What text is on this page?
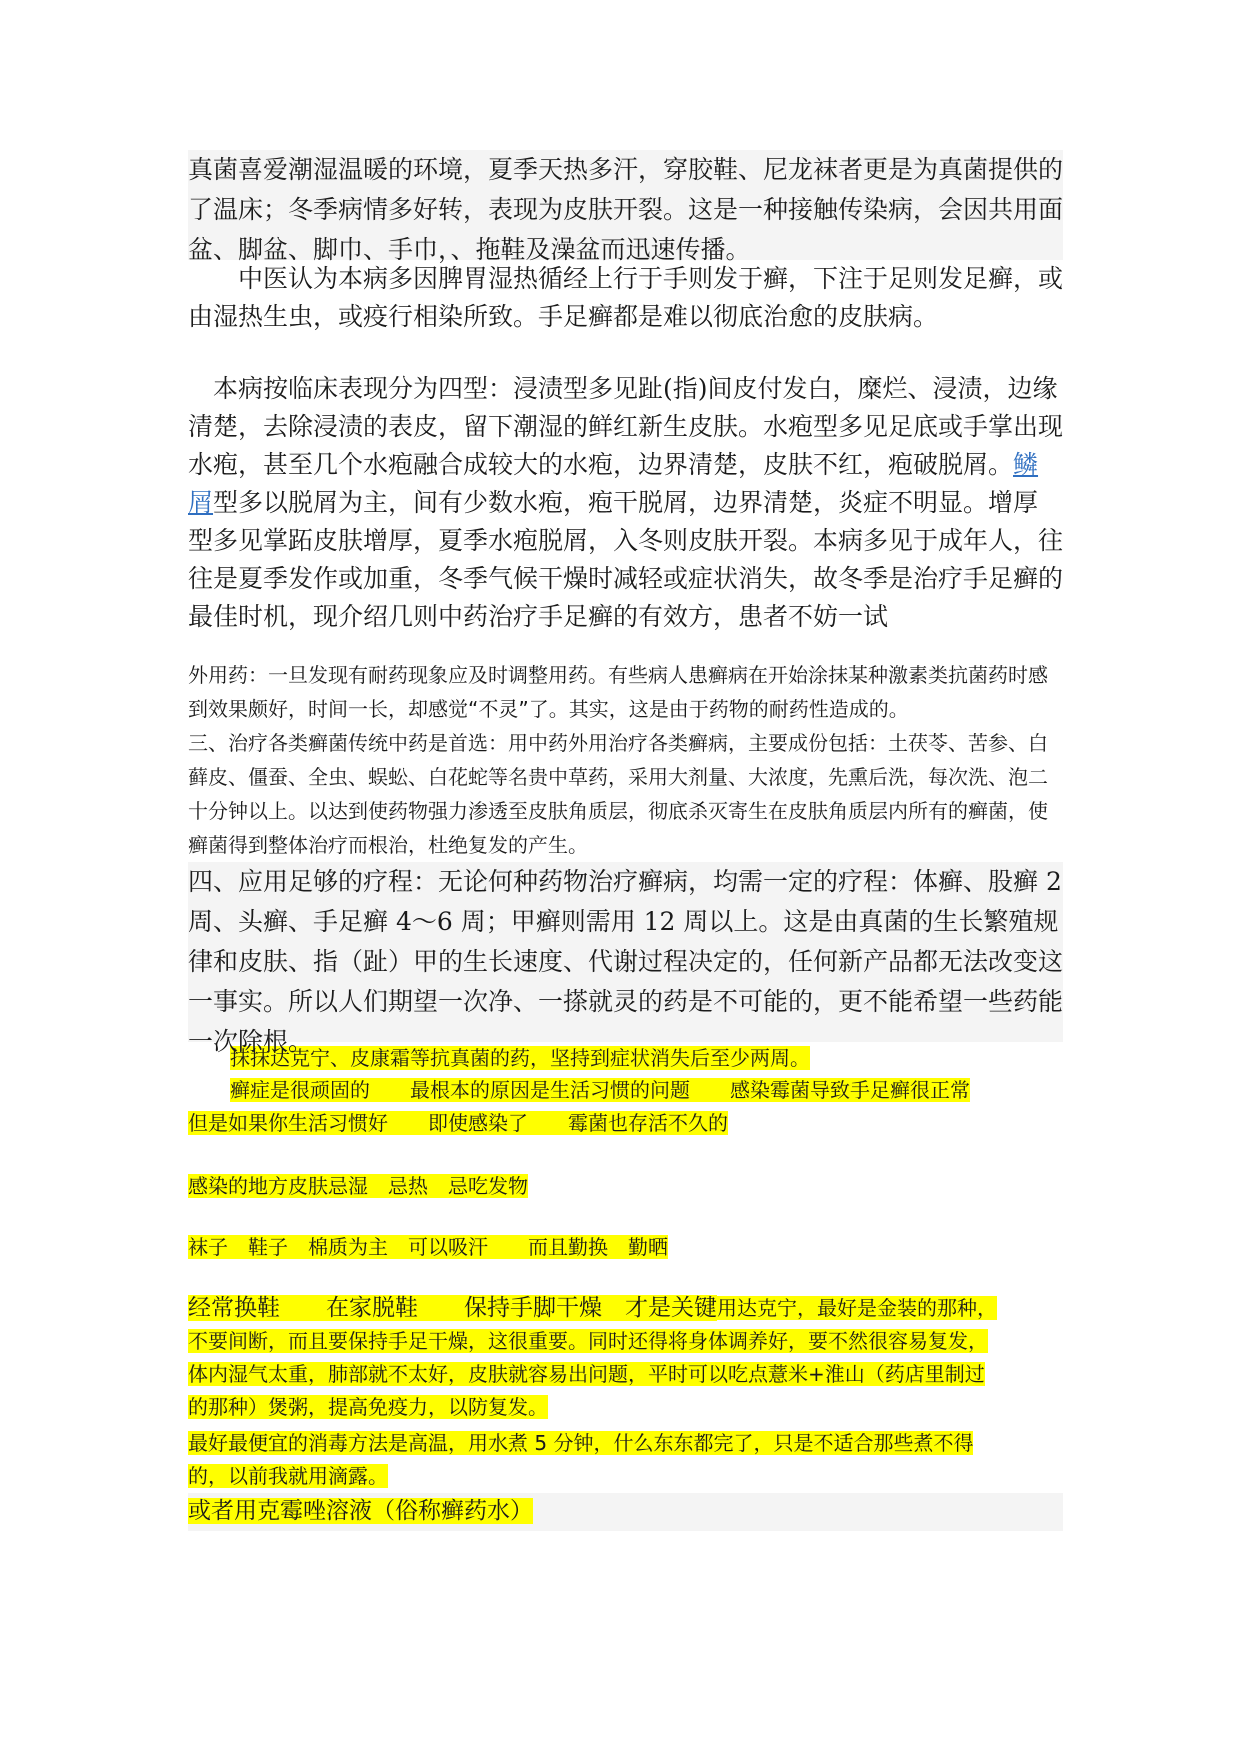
真菌喜爱潮湿温暖的环境，夏季天热多汗，穿胶鞋、尼龙袜者更是为真菌提供的了温床；冬季病情多好转，表现为皮肤开裂。这是一种接触传染病，会因共用面盆、脚盆、脚巾、手巾，、拖鞋及澡盆而迅速传播。
中医认为本病多因脾胃湿热循经上行于手则发于癣，下注于足则发足癣，或由湿热生虫，或疫行相染所致。手足癣都是难以彻底治愈的皮肤病。
本病按临床表现分为四型：浸渍型多见趾(指)间皮付发白，糜烂、浸渍，边缘清楚，去除浸渍的表皮，留下潮湿的鲜红新生皮肤。水疱型多见足底或手掌出现水疱，甚至几个水疱融合成较大的水疱，边界清楚，皮肤不红，疱破脱屑。鳞屑型多以脱屑为主，间有少数水疱，疱干脱屑，边界清楚，炎症不明显。增厚型多见掌跖皮肤增厚，夏季水疱脱屑，入冬则皮肤开裂。本病多见于成年人，往往是夏季发作或加重，冬季气候干燥时减轻或症状消失，故冬季是治疗手足癣的最佳时机，现介绍几则中药治疗手足癣的有效方，患者不妨一试
外用药：一旦发现有耐药现象应及时调整用药。有些病人患癣病在开始涂抹某种激素类抗菌药时感到效果颇好，时间一长，却感觉“不灵”了。其实，这是由于药物的耐药性造成的。
三、治疗各类癣菌传统中药是首选：用中药外用治疗各类癣病，主要成份包括：土茯苓、苦参、白藓皮、僵蚕、全虫、蜈蚣、白花蛇等名贵中草药，采用大剂量、大浓度，先熏后洗，每次洗、泡二十分钟以上。以达到使药物强力渗透至皮肤角质层，彻底杀灭寄生在皮肤角质层内所有的癣菌，使癣菌得到整体治疗而根治，杜绝复发的产生。
四、应用足够的疗程：无论何种药物治疗癣病，均需一定的疗程：体癣、股癣 2 周、头癣、手足癣 4～6 周；甲癣则需用 12 周以上。这是由真菌的生长繁殖规律和皮肤、指（趾）甲的生长速度、代谢过程决定的，任何新产品都无法改变这一事实。所以人们期望一次净、一搽就灵的药是不可能的，更不能希望一些药能一次除根。
抹抹达克宁、皮康霜等抗真菌的药，坚持到症状消失后至少两周。
癣症是很顽固的　　最根本的原因是生活习惯的问题　　感染霉菌导致手足癣很正常
但是如果你生活习惯好　　即使感染了　　霉菌也存活不久的
感染的地方皮肤忌湿　忌热　忌吃发物
袜子　鞋子　棉质为主　可以吸汗　　而且勤换　勤晒
经常换鞋　　在家脱鞋　　保持手脚干燥　才是关键用达克宁，最好是金装的那种，
不要间断，而且要保持手足干燥，这很重要。同时还得将身体调养好，要不然很容易复发，
体内湿气太重，肺部就不太好，皮肤就容易出问题，平时可以吃点薏米+淮山（药店里制过
的那种）煲粥，提高免疫力，以防复发。
最好最便宜的消毒方法是高温，用水煮 5 分钟，什么东东都完了，只是不适合那些煮不得
的，以前我就用滴露。
或者用克霉唑溶液（俗称癣药水）
